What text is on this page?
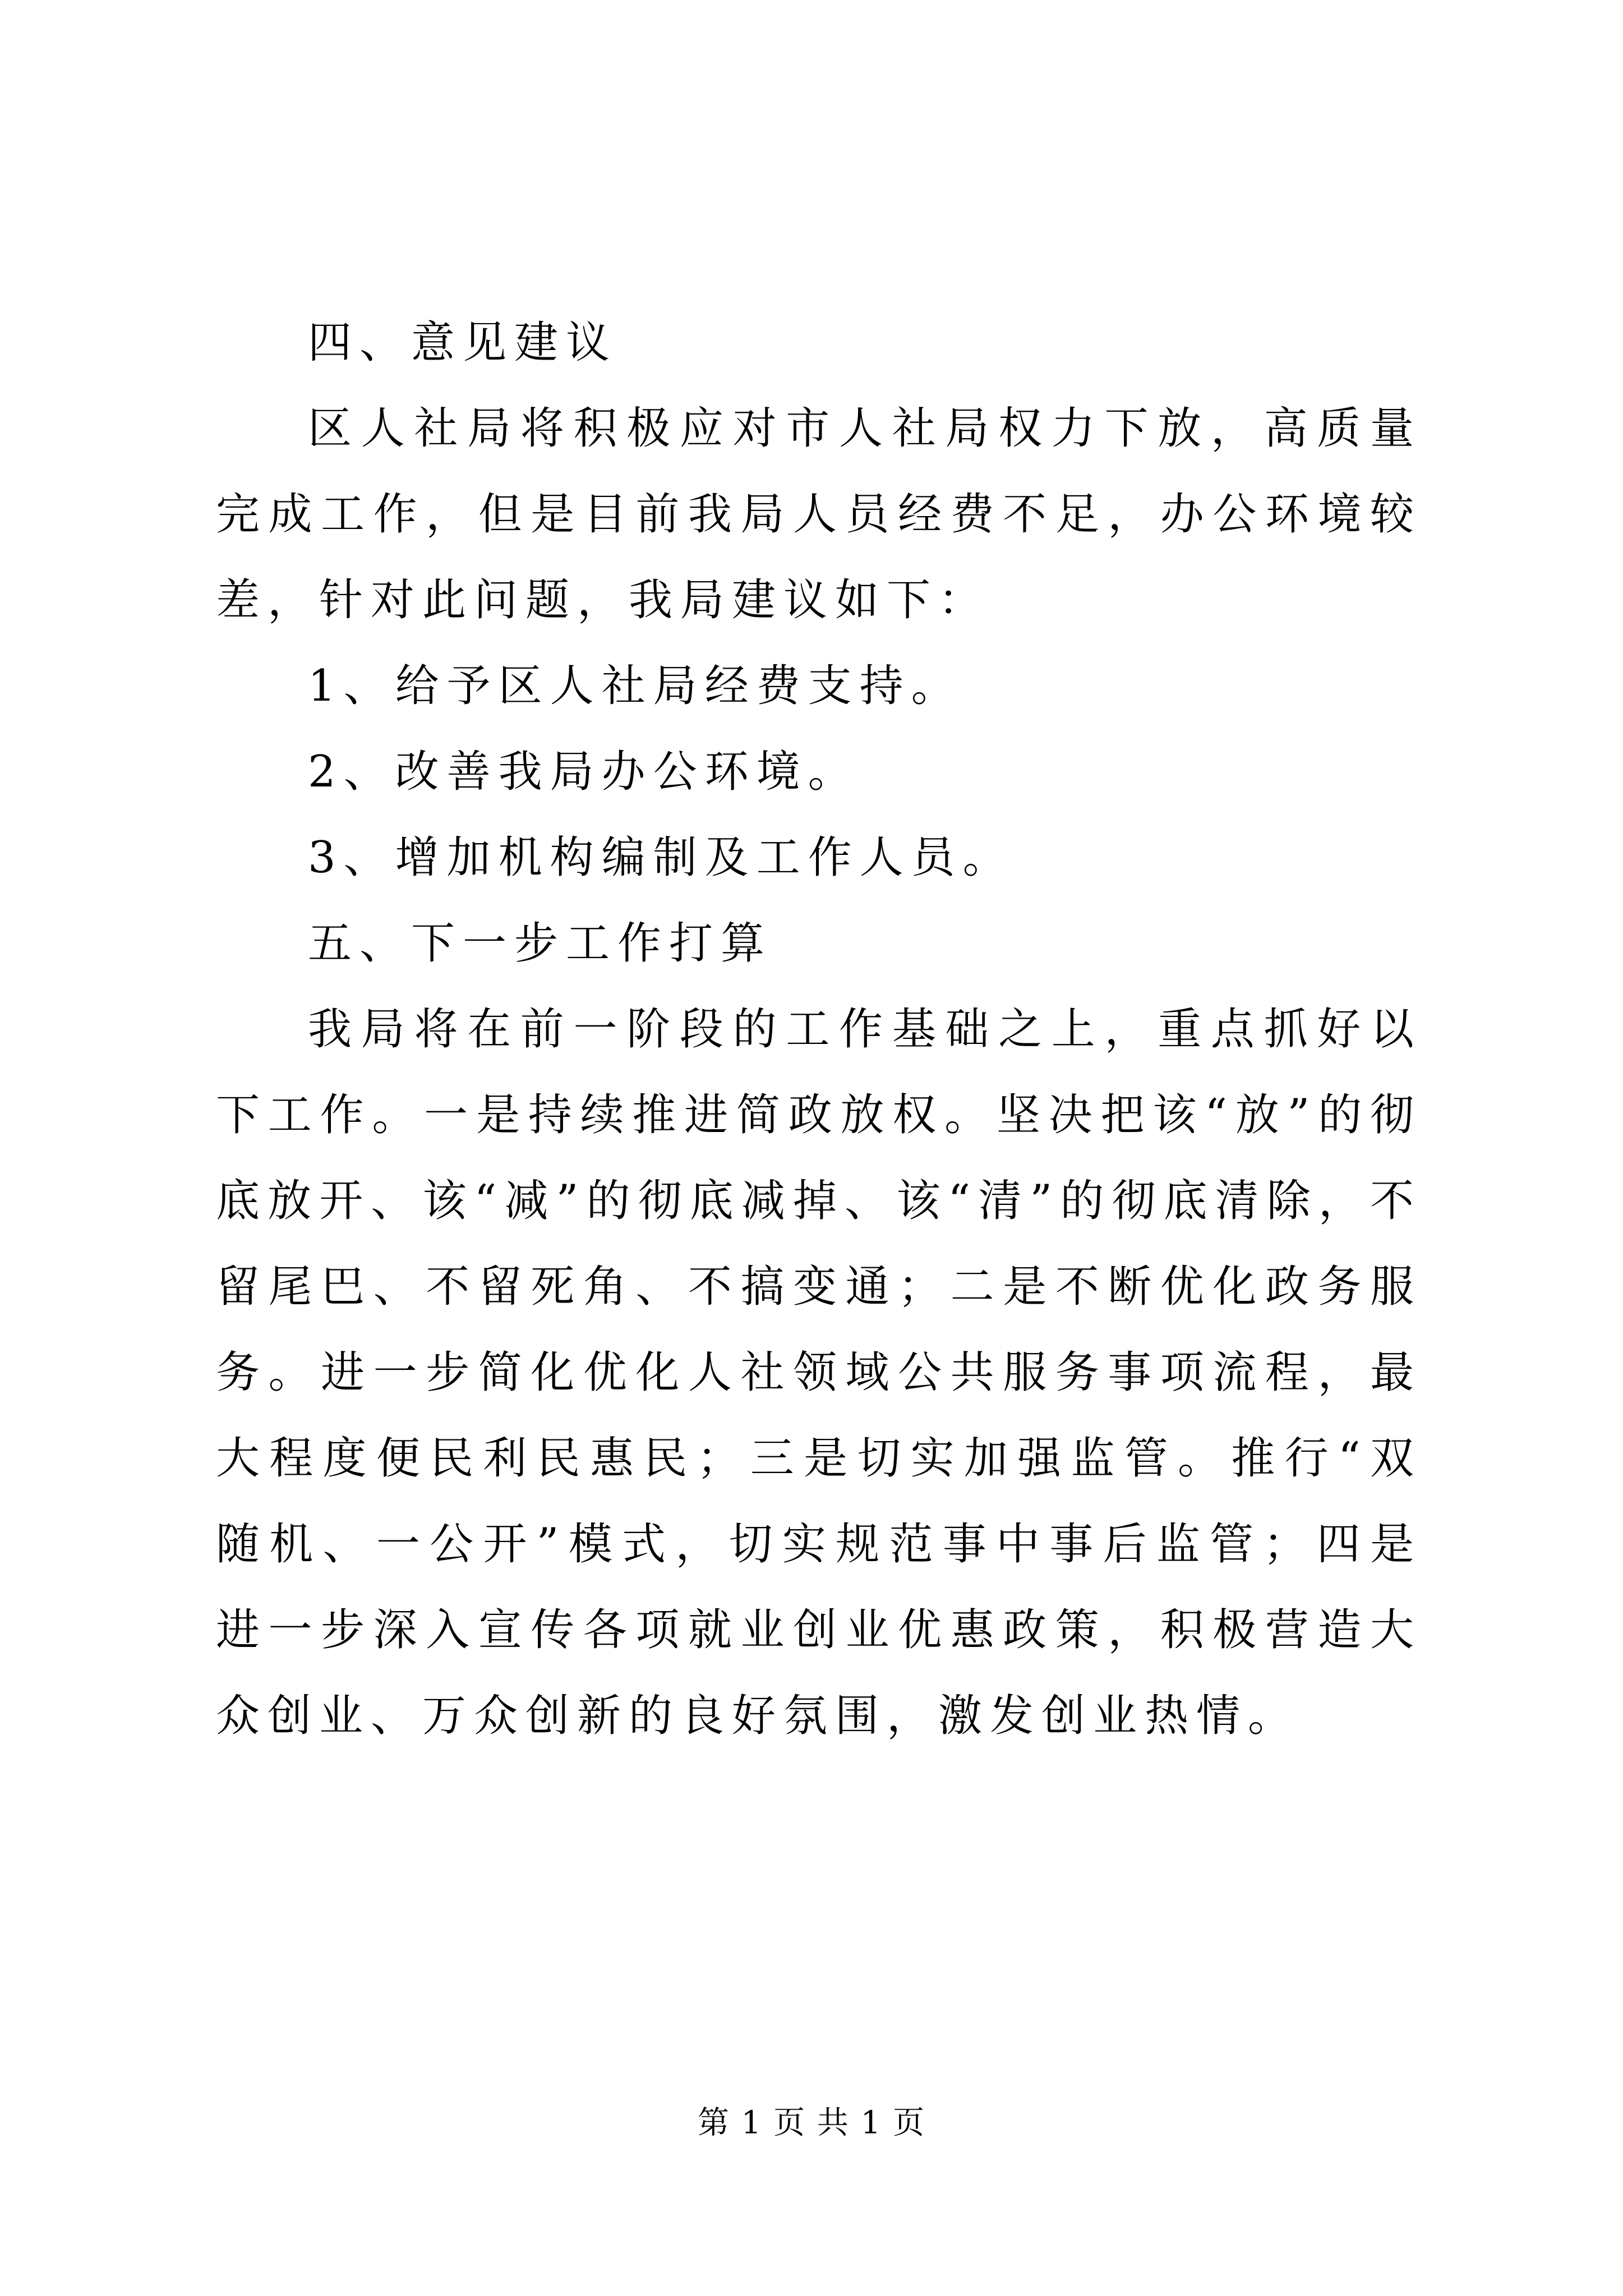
四、意见建议

区人社局将积极应对市人社局权力下放，高质量完成工作，但是目前我局人员经费不足，办公环境较差，针对此问题，我局建议如下：

1、给予区人社局经费支持。

2、改善我局办公环境。

3、增加机构编制及工作人员。

五、下一步工作打算

我局将在前一阶段的工作基础之上，重点抓好以下工作。一是持续推进简政放权。坚决把该“放”的彻底放开、该“减”的彻底减掉、该“清”的彻底清除，不留尾巴、不留死角、不搞变通；二是不断优化政务服务。进一步简化优化人社领域公共服务事项流程，最大程度便民利民惠民；三是切实加强监管。推行“双随机、一公开”模式，切实规范事中事后监管；四是进一步深入宣传各项就业创业优惠政策，积极营造大众创业、万众创新的良好氛围，激发创业热情。

第 1 页 共 1 页
